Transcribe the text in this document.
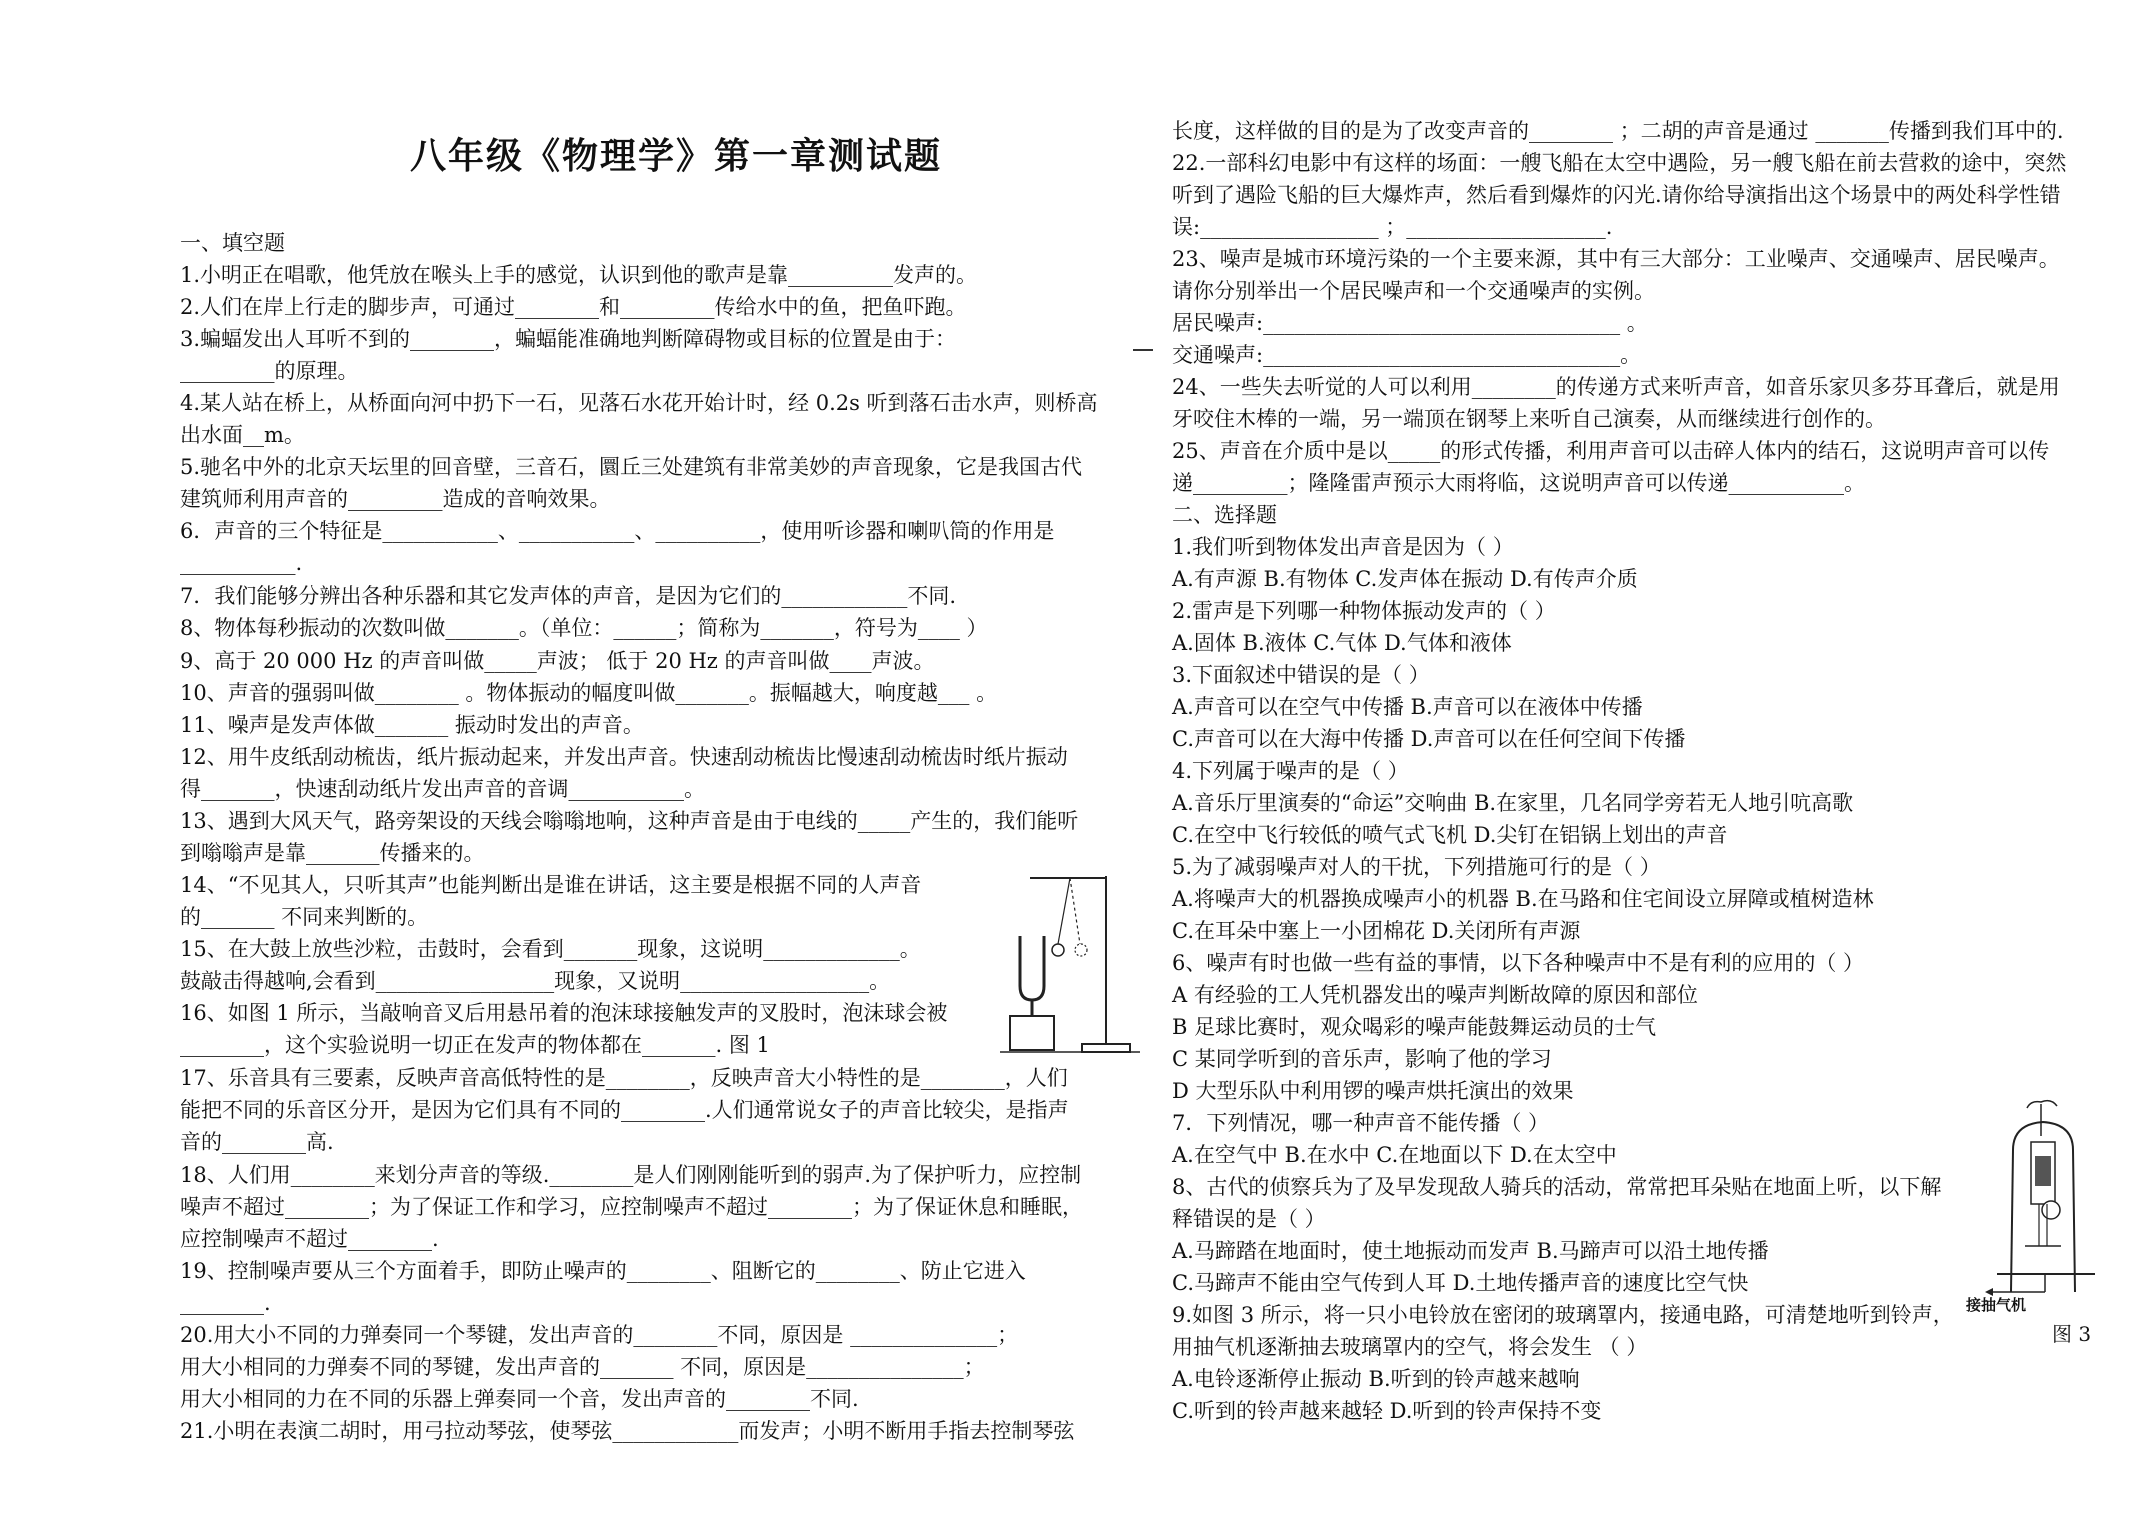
八年级《物理学》第一章测试题
一、填空题
1.小明正在唱歌，他凭放在喉头上手的感觉，认识到他的歌声是靠__________发声的。
2.人们在岸上行走的脚步声，可通过________和_________传给水中的鱼，把鱼吓跑。
3.蝙蝠发出人耳听不到的________，蝙蝠能准确地判断障碍物或目标的位置是由于：
_________的原理。
4.某人站在桥上，从桥面向河中扔下一石，见落石水花开始计时，经 0.2s 听到落石击水声，则桥高
出水面__m。
5.驰名中外的北京天坛里的回音壁，三音石，圜丘三处建筑有非常美妙的声音现象，它是我国古代
建筑师利用声音的_________造成的音响效果。
6．声音的三个特征是___________、___________、__________，使用听诊器和喇叭筒的作用是
___________.
7．我们能够分辨出各种乐器和其它发声体的声音，是因为它们的____________不同.
8、物体每秒振动的次数叫做_______。（单位：______；简称为_______，符号为____ ）
9、高于 20 000 Hz 的声音叫做_____声波； 低于 20 Hz 的声音叫做____声波。
10、声音的强弱叫做________ 。物体振动的幅度叫做_______。振幅越大，响度越___ 。
11、噪声是发声体做_______ 振动时发出的声音。
12、用牛皮纸刮动梳齿，纸片振动起来，并发出声音。快速刮动梳齿比慢速刮动梳齿时纸片振动
得_______，快速刮动纸片发出声音的音调___________。
13、遇到大风天气，路旁架设的天线会嗡嗡地响，这种声音是由于电线的_____产生的，我们能听
到嗡嗡声是靠_______传播来的。
14、“不见其人，只听其声”也能判断出是谁在讲话，这主要是根据不同的人声音
的_______ 不同来判断的。
15、在大鼓上放些沙粒，击鼓时，会看到_______现象，这说明_____________。
鼓敲击得越响,会看到_________________现象，又说明__________________。
16、如图 1 所示，当敲响音叉后用悬吊着的泡沫球接触发声的叉股时，泡沫球会被
________，这个实验说明一切正在发声的物体都在_______. 图 1
17、乐音具有三要素，反映声音高低特性的是________，反映声音大小特性的是________，人们
能把不同的乐音区分开，是因为它们具有不同的________.人们通常说女子的声音比较尖，是指声
音的________高.
18、人们用________来划分声音的等级.________是人们刚刚能听到的弱声.为了保护听力，应控制
噪声不超过________；为了保证工作和学习，应控制噪声不超过________；为了保证休息和睡眠，
应控制噪声不超过________.
19、控制噪声要从三个方面着手，即防止噪声的________、阻断它的________、防止它进入
________.
20.用大小不同的力弹奏同一个琴键，发出声音的________不同，原因是 ______________；
用大小相同的力弹奏不同的琴键，发出声音的_______ 不同，原因是_______________；
用大小相同的力在不同的乐器上弹奏同一个音，发出声音的________不同.
21.小明在表演二胡时，用弓拉动琴弦，使琴弦____________而发声；小明不断用手指去控制琴弦
长度，这样做的目的是为了改变声音的________ ；二胡的声音是通过 _______传播到我们耳中的.
22.一部科幻电影中有这样的场面：一艘飞船在太空中遇险，另一艘飞船在前去营救的途中，突然
听到了遇险飞船的巨大爆炸声，然后看到爆炸的闪光.请你给导演指出这个场景中的两处科学性错
误:_________________ ；___________________.
23、噪声是城市环境污染的一个主要来源，其中有三大部分：工业噪声、交通噪声、居民噪声。
请你分别举出一个居民噪声和一个交通噪声的实例。
居民噪声:__________________________________ 。
交通噪声:__________________________________。
24、一些失去听觉的人可以利用________的传递方式来听声音，如音乐家贝多芬耳聋后，就是用
牙咬住木棒的一端，另一端顶在钢琴上来听自己演奏，从而继续进行创作的。
25、声音在介质中是以_____的形式传播，利用声音可以击碎人体内的结石，这说明声音可以传
递_________；隆隆雷声预示大雨将临，这说明声音可以传递___________。
二、选择题
1.我们听到物体发出声音是因为（ ）
A.有声源 B.有物体 C.发声体在振动 D.有传声介质
2.雷声是下列哪一种物体振动发声的（ ）
A.固体 B.液体 C.气体 D.气体和液体
3.下面叙述中错误的是（ ）
A.声音可以在空气中传播 B.声音可以在液体中传播
C.声音可以在大海中传播 D.声音可以在任何空间下传播
4.下列属于噪声的是（ ）
A.音乐厅里演奏的“命运”交响曲 B.在家里，几名同学旁若无人地引吭高歌
C.在空中飞行较低的喷气式飞机 D.尖钉在铝锅上划出的声音
5.为了减弱噪声对人的干扰，下列措施可行的是（ ）
A.将噪声大的机器换成噪声小的机器 B.在马路和住宅间设立屏障或植树造林
C.在耳朵中塞上一小团棉花 D.关闭所有声源
6、噪声有时也做一些有益的事情，以下各种噪声中不是有利的应用的（ ）
A 有经验的工人凭机器发出的噪声判断故障的原因和部位
B 足球比赛时，观众喝彩的噪声能鼓舞运动员的士气
C 某同学听到的音乐声，影响了他的学习
D 大型乐队中利用锣的噪声烘托演出的效果
7．下列情况，哪一种声音不能传播（ ）
A.在空气中 B.在水中 C.在地面以下 D.在太空中
8、古代的侦察兵为了及早发现敌人骑兵的活动，常常把耳朵贴在地面上听，以下解
释错误的是（ ）
A.马蹄踏在地面时，使土地振动而发声 B.马蹄声可以沿土地传播
C.马蹄声不能由空气传到人耳 D.土地传播声音的速度比空气快
9.如图 3 所示，将一只小电铃放在密闭的玻璃罩内，接通电路，可清楚地听到铃声，
用抽气机逐渐抽去玻璃罩内的空气，将会发生 （ ）
A.电铃逐渐停止振动 B.听到的铃声越来越响
C.听到的铃声越来越轻 D.听到的铃声保持不变
接抽气机
图 3
